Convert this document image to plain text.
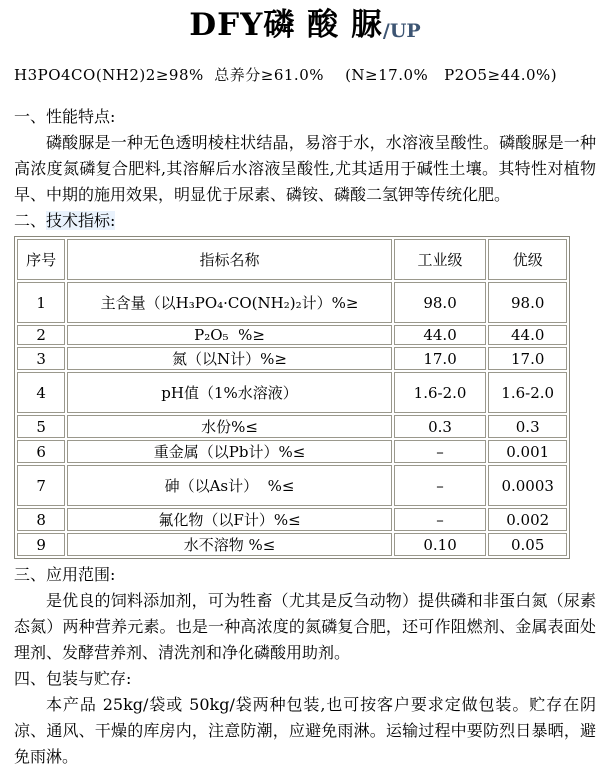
DFY磷 酸 脲/UP

H3PO4CO(NH2)2≥98%  总养分≥61.0%    (N≥17.0%   P2O5≥44.0%)

一、性能特点:

磷酸脲是一种无色透明棱柱状结晶，易溶于水，水溶液呈酸性。磷酸脲是一种高浓度氮磷复合肥料,其溶解后水溶液呈酸性,尤其适用于碱性土壤。其特性对植物早、中期的施用效果，明显优于尿素、磷铵、磷酸二氢钾等传统化肥。

二、技术指标:

序号	指标名称	工业级	优级
1	主含量（以H₃PO₄·CO(NH₂)₂计）%≥	98.0	98.0
2	P₂O₅  %≥	44.0	44.0
3	氮（以N计）%≥	17.0	17.0
4	pH值（1%水溶液）	1.6-2.0	1.6-2.0
5	水份%≤	0.3	0.3
6	重金属（以Pb计）%≤	–	0.001
7	砷（以As计）  %≤	–	0.0003
8	氟化物（以F计）%≤	–	0.002
9	水不溶物 %≤	0.10	0.05

三、应用范围:

是优良的饲料添加剂，可为牲畜（尤其是反刍动物）提供磷和非蛋白氮（尿素态氮）两种营养元素。也是一种高浓度的氮磷复合肥，还可作阻燃剂、金属表面处理剂、发酵营养剂、清洗剂和净化磷酸用助剂。

四、包装与贮存:

本产品 25kg/袋或 50kg/袋两种包装,也可按客户要求定做包装。贮存在阴凉、通风、干燥的库房内，注意防潮，应避免雨淋。运输过程中要防烈日暴晒，避免雨淋。
